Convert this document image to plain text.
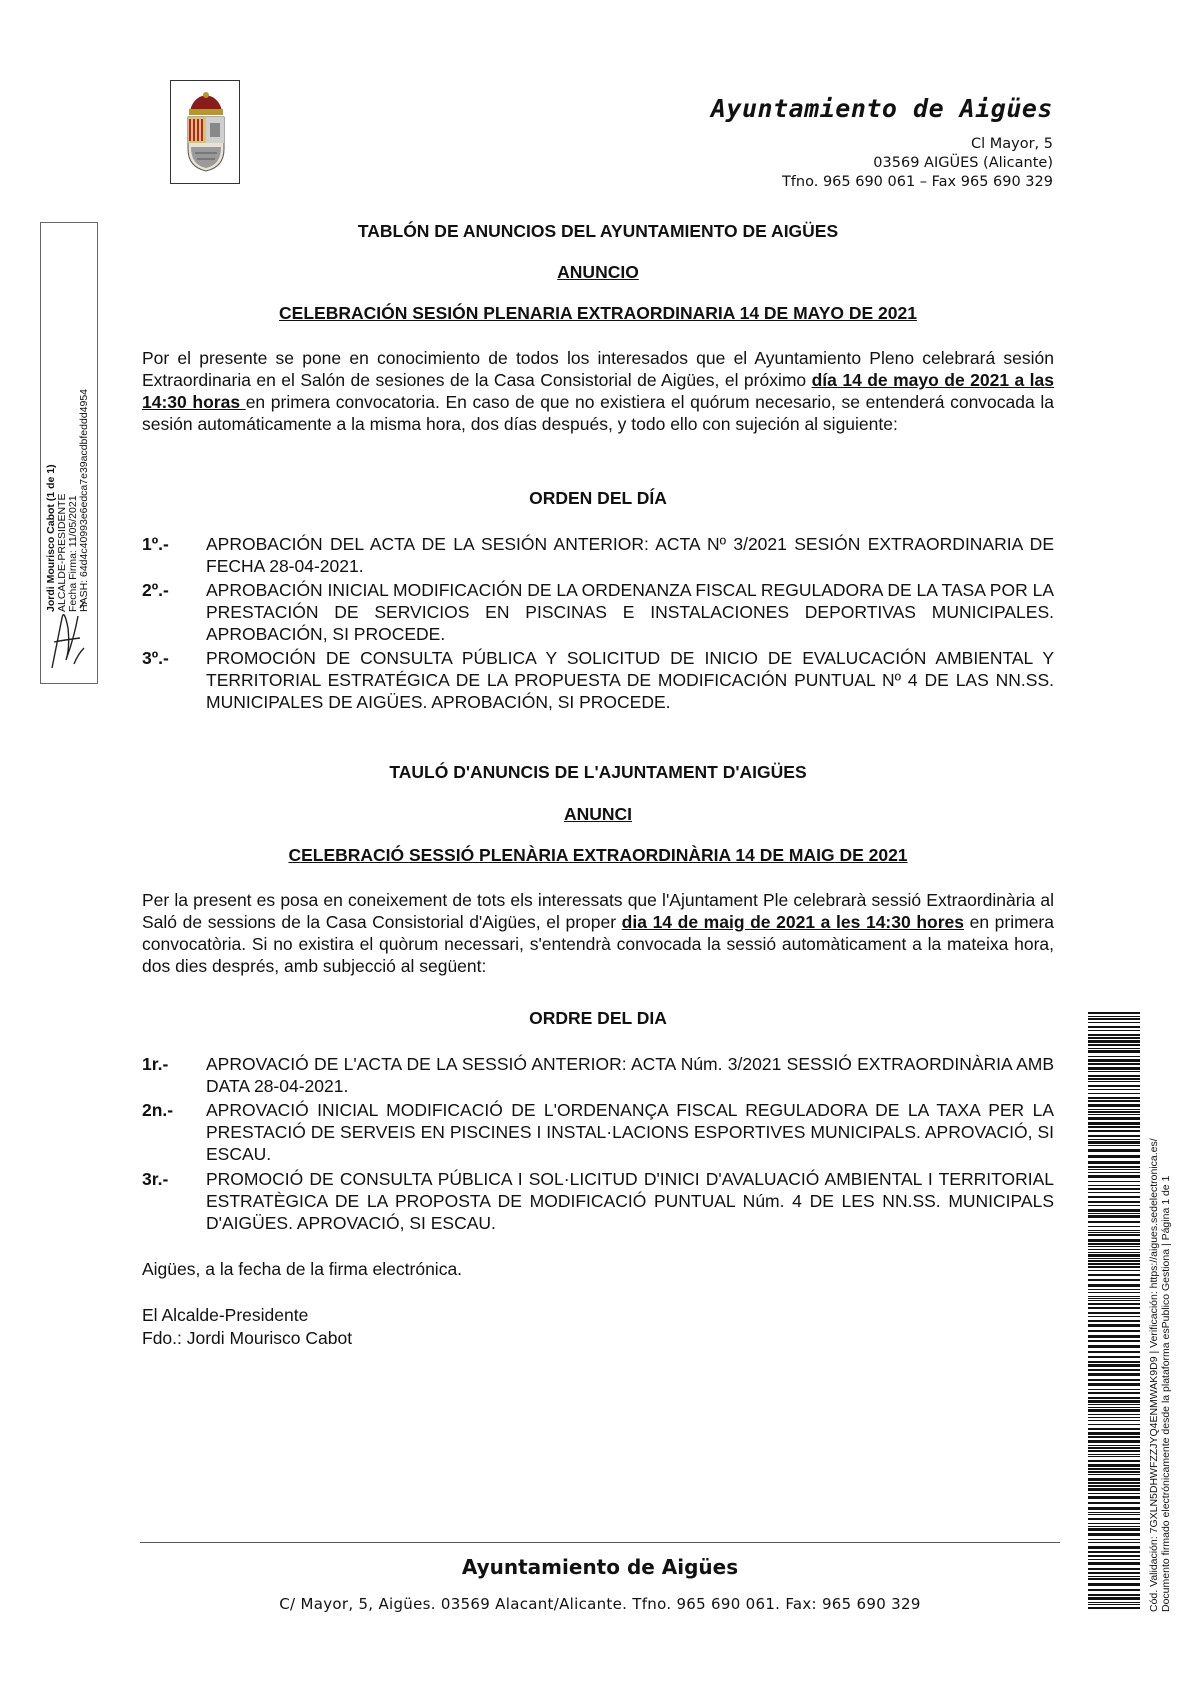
Ayuntamiento de Aigües
Cl Mayor, 5
03569 AIGÜES (Alicante)
Tfno. 965 690 061 – Fax 965 690 329
Jordi Mourisco Cabot (1 de 1) ALCALDE-PRESIDENTE Fecha Firma: 11/05/2021 HASH: 64d4c40993e6edca7e39acdbfeddd4954
TABLÓN DE ANUNCIOS DEL AYUNTAMIENTO DE AIGÜES
ANUNCIO
CELEBRACIÓN SESIÓN PLENARIA EXTRAORDINARIA 14 DE MAYO DE 2021
Por el presente se pone en conocimiento de todos los interesados que el Ayuntamiento Pleno celebrará sesión Extraordinaria en el Salón de sesiones de la Casa Consistorial de Aigües, el próximo día 14 de mayo de 2021 a las 14:30 horas en primera convocatoria. En caso de que no existiera el quórum necesario, se entenderá convocada la sesión automáticamente a la misma hora, dos días después, y todo ello con sujeción al siguiente:
ORDEN DEL DÍA
1º.- APROBACIÓN DEL ACTA DE LA SESIÓN ANTERIOR: ACTA Nº 3/2021 SESIÓN EXTRAORDINARIA DE FECHA 28-04-2021.
2º.- APROBACIÓN INICIAL MODIFICACIÓN DE LA ORDENANZA FISCAL REGULADORA DE LA TASA POR LA PRESTACIÓN DE SERVICIOS EN PISCINAS E INSTALACIONES DEPORTIVAS MUNICIPALES. APROBACIÓN, SI PROCEDE.
3º.- PROMOCIÓN DE CONSULTA PÚBLICA Y SOLICITUD DE INICIO DE EVALUCACIÓN AMBIENTAL Y TERRITORIAL ESTRATÉGICA DE LA PROPUESTA DE MODIFICACIÓN PUNTUAL Nº 4 DE LAS NN.SS. MUNICIPALES DE AIGÜES. APROBACIÓN, SI PROCEDE.
TAULÓ D'ANUNCIS DE L'AJUNTAMENT D'AIGÜES
ANUNCI
CELEBRACIÓ SESSIÓ PLENÀRIA EXTRAORDINÀRIA 14 DE MAIG DE 2021
Per la present es posa en coneixement de tots els interessats que l'Ajuntament Ple celebrarà sessió Extraordinària al Saló de sessions de la Casa Consistorial d'Aigües, el proper dia 14 de maig de 2021 a les 14:30 hores en primera convocatòria. Si no existira el quòrum necessari, s'entendrà convocada la sessió automàticament a la mateixa hora, dos dies després, amb subjecció al següent:
ORDRE DEL DIA
1r.- APROVACIÓ DE L'ACTA DE LA SESSIÓ ANTERIOR: ACTA Núm. 3/2021 SESSIÓ EXTRAORDINÀRIA AMB DATA 28-04-2021.
2n.- APROVACIÓ INICIAL MODIFICACIÓ DE L'ORDENANÇA FISCAL REGULADORA DE LA TAXA PER LA PRESTACIÓ DE SERVEIS EN PISCINES I INSTAL·LACIONS ESPORTIVES MUNICIPALS. APROVACIÓ, SI ESCAU.
3r.- PROMOCIÓ DE CONSULTA PÚBLICA I SOL·LICITUD D'INICI D'AVALUACIÓ AMBIENTAL I TERRITORIAL ESTRATÈGICA DE LA PROPOSTA DE MODIFICACIÓ PUNTUAL Núm. 4 DE LES NN.SS. MUNICIPALS D'AIGÜES. APROVACIÓ, SI ESCAU.
Aigües, a la fecha de la firma electrónica.
El Alcalde-Presidente
Fdo.: Jordi Mourisco Cabot
Ayuntamiento de Aigües
C/ Mayor, 5, Aigües. 03569 Alacant/Alicante. Tfno. 965 690 061. Fax: 965 690 329	Cód. Validación: 7GXLN5DHWFZZJYQ4ENMWAK9D9 | Verificación: https://aigues.sedelectronica.es/ Documento firmado electrónicamente desde la plataforma esPublico Gestiona | Página 1 de 1
